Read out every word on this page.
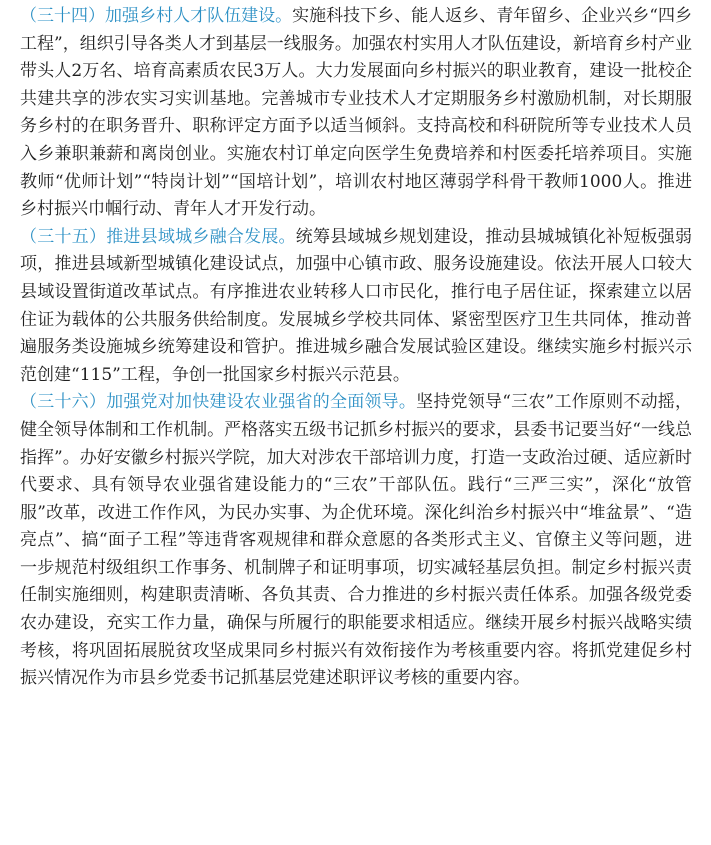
（三十四）加强乡村人才队伍建设。实施科技下乡、能人返乡、青年留乡、企业兴乡“四乡工程”，组织引导各类人才到基层一线服务。加强农村实用人才队伍建设，新培育乡村产业带头人2万名、培育高素质农民3万人。大力发展面向乡村振兴的职业教育，建设一批校企共建共享的涉农实习实训基地。完善城市专业技术人才定期服务乡村激励机制，对长期服务乡村的在职务晋升、职称评定方面予以适当倾斜。支持高校和科研院所等专业技术人员入乡兼职兼薪和离岗创业。实施农村订单定向医学生免费培养和村医委托培养项目。实施教师“优师计划”“特岗计划”“国培计划”，培训农村地区薄弱学科骨干教师1000人。推进乡村振兴巾帼行动、青年人才开发行动。

（三十五）推进县域城乡融合发展。统筹县域城乡规划建设，推动县城城镇化补短板强弱项，推进县域新型城镇化建设试点，加强中心镇市政、服务设施建设。依法开展人口较大县域设置街道改革试点。有序推进农业转移人口市民化，推行电子居住证，探索建立以居住证为载体的公共服务供给制度。发展城乡学校共同体、紧密型医疗卫生共同体，推动普遍服务类设施城乡统筹建设和管护。推进城乡融合发展试验区建设。继续实施乡村振兴示范创建“115”工程，争创一批国家乡村振兴示范县。

（三十六）加强党对加快建设农业强省的全面领导。坚持党领导“三农”工作原则不动摇，健全领导体制和工作机制。严格落实五级书记抓乡村振兴的要求，县委书记要当好“一线总指挥”。办好安徽乡村振兴学院，加大对涉农干部培训力度，打造一支政治过硬、适应新时代要求、具有领导农业强省建设能力的“三农”干部队伍。践行“三严三实”，深化“放管服”改革，改进工作作风，为民办实事、为企优环境。深化纠治乡村振兴中“堆盆景”、“造亮点”、搞“面子工程”等违背客观规律和群众意愿的各类形式主义、官僚主义等问题，进一步规范村级组织工作事务、机制牌子和证明事项，切实减轻基层负担。制定乡村振兴责任制实施细则，构建职责清晰、各负其责、合力推进的乡村振兴责任体系。加强各级党委农办建设，充实工作力量，确保与所履行的职能要求相适应。继续开展乡村振兴战略实绩考核，将巩固拓展脱贫攻坚成果同乡村振兴有效衔接作为考核重要内容。将抓党建促乡村振兴情况作为市县乡党委书记抓基层党建述职评议考核的重要内容。
